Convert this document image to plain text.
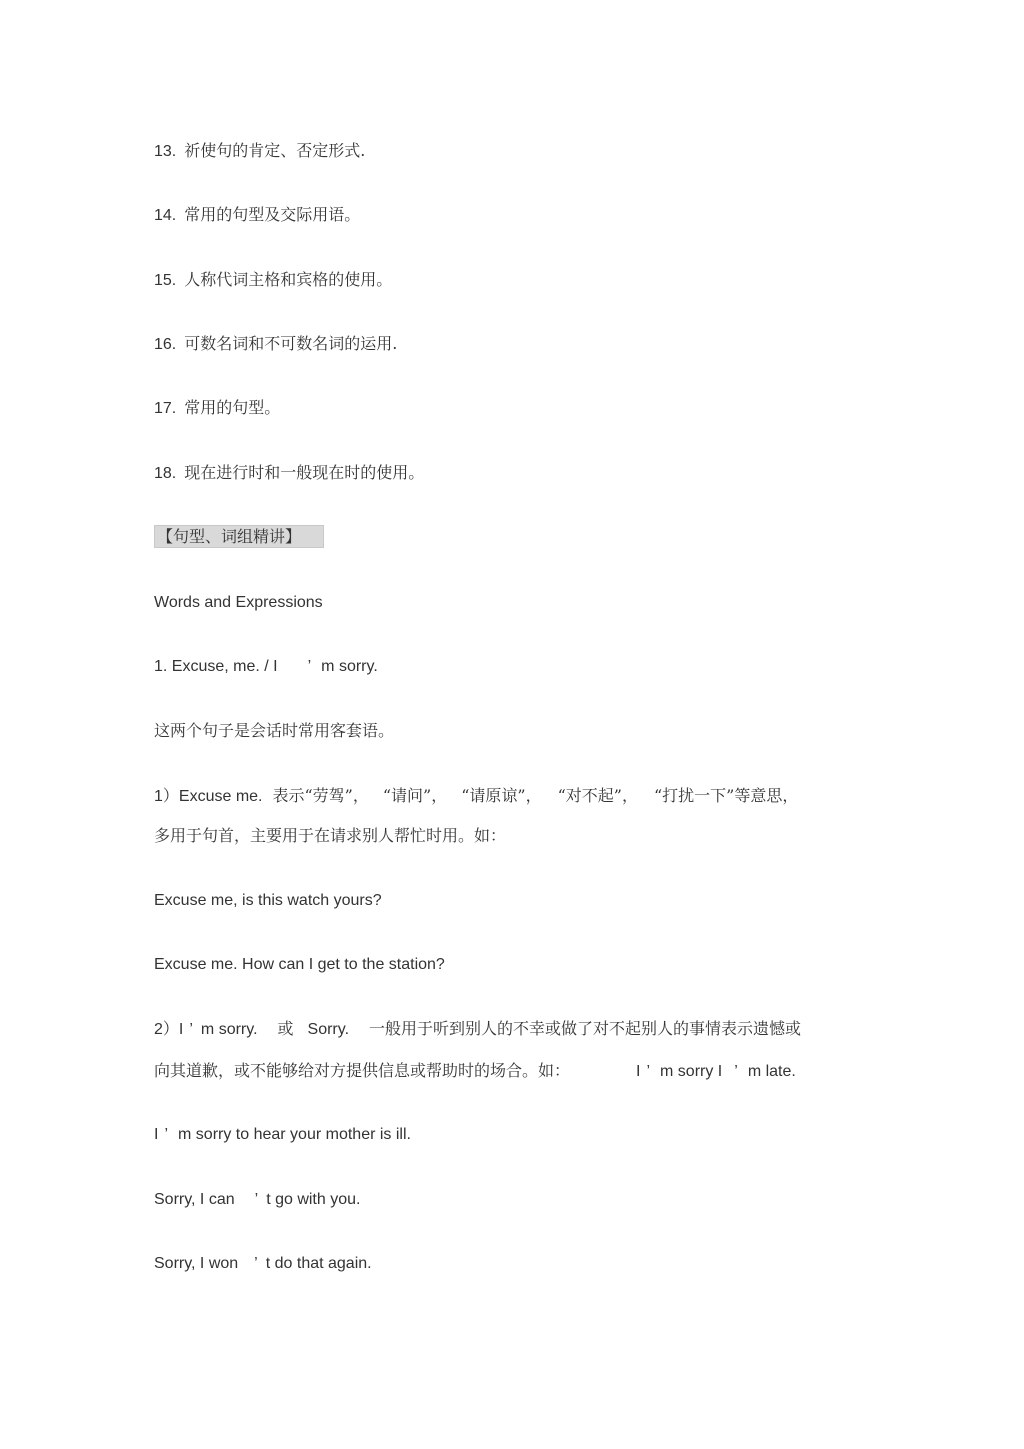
13. 祈使句的肯定、否定形式.

14. 常用的句型及交际用语。

15. 人称代词主格和宾格的使用。

16. 可数名词和不可数名词的运用.

17. 常用的句型。

18. 现在进行时和一般现在时的使用。

【句型、词组精讲】

Words and Expressions

1. Excuse, me. / I ’ m sorry.

这两个句子是会话时常用客套语。

1）Excuse me. 表示“劳驾”， “请问”， “请原谅”， “对不起”， “打扰一下”等意思，

多用于句首，主要用于在请求别人帮忙时用。如：

Excuse me, is this watch yours?

Excuse me. How can I get to the station?

2）I ’ m sorry. 或 Sorry. 一般用于听到别人的不幸或做了对不起别人的事情表示遗憾或

向其道歉，或不能够给对方提供信息或帮助时的场合。如：	I ’ m sorry I ’ m late.

I ’ m sorry to hear your mother is ill.

Sorry, I can ’ t go with you.

Sorry, I won ’ t do that again.
